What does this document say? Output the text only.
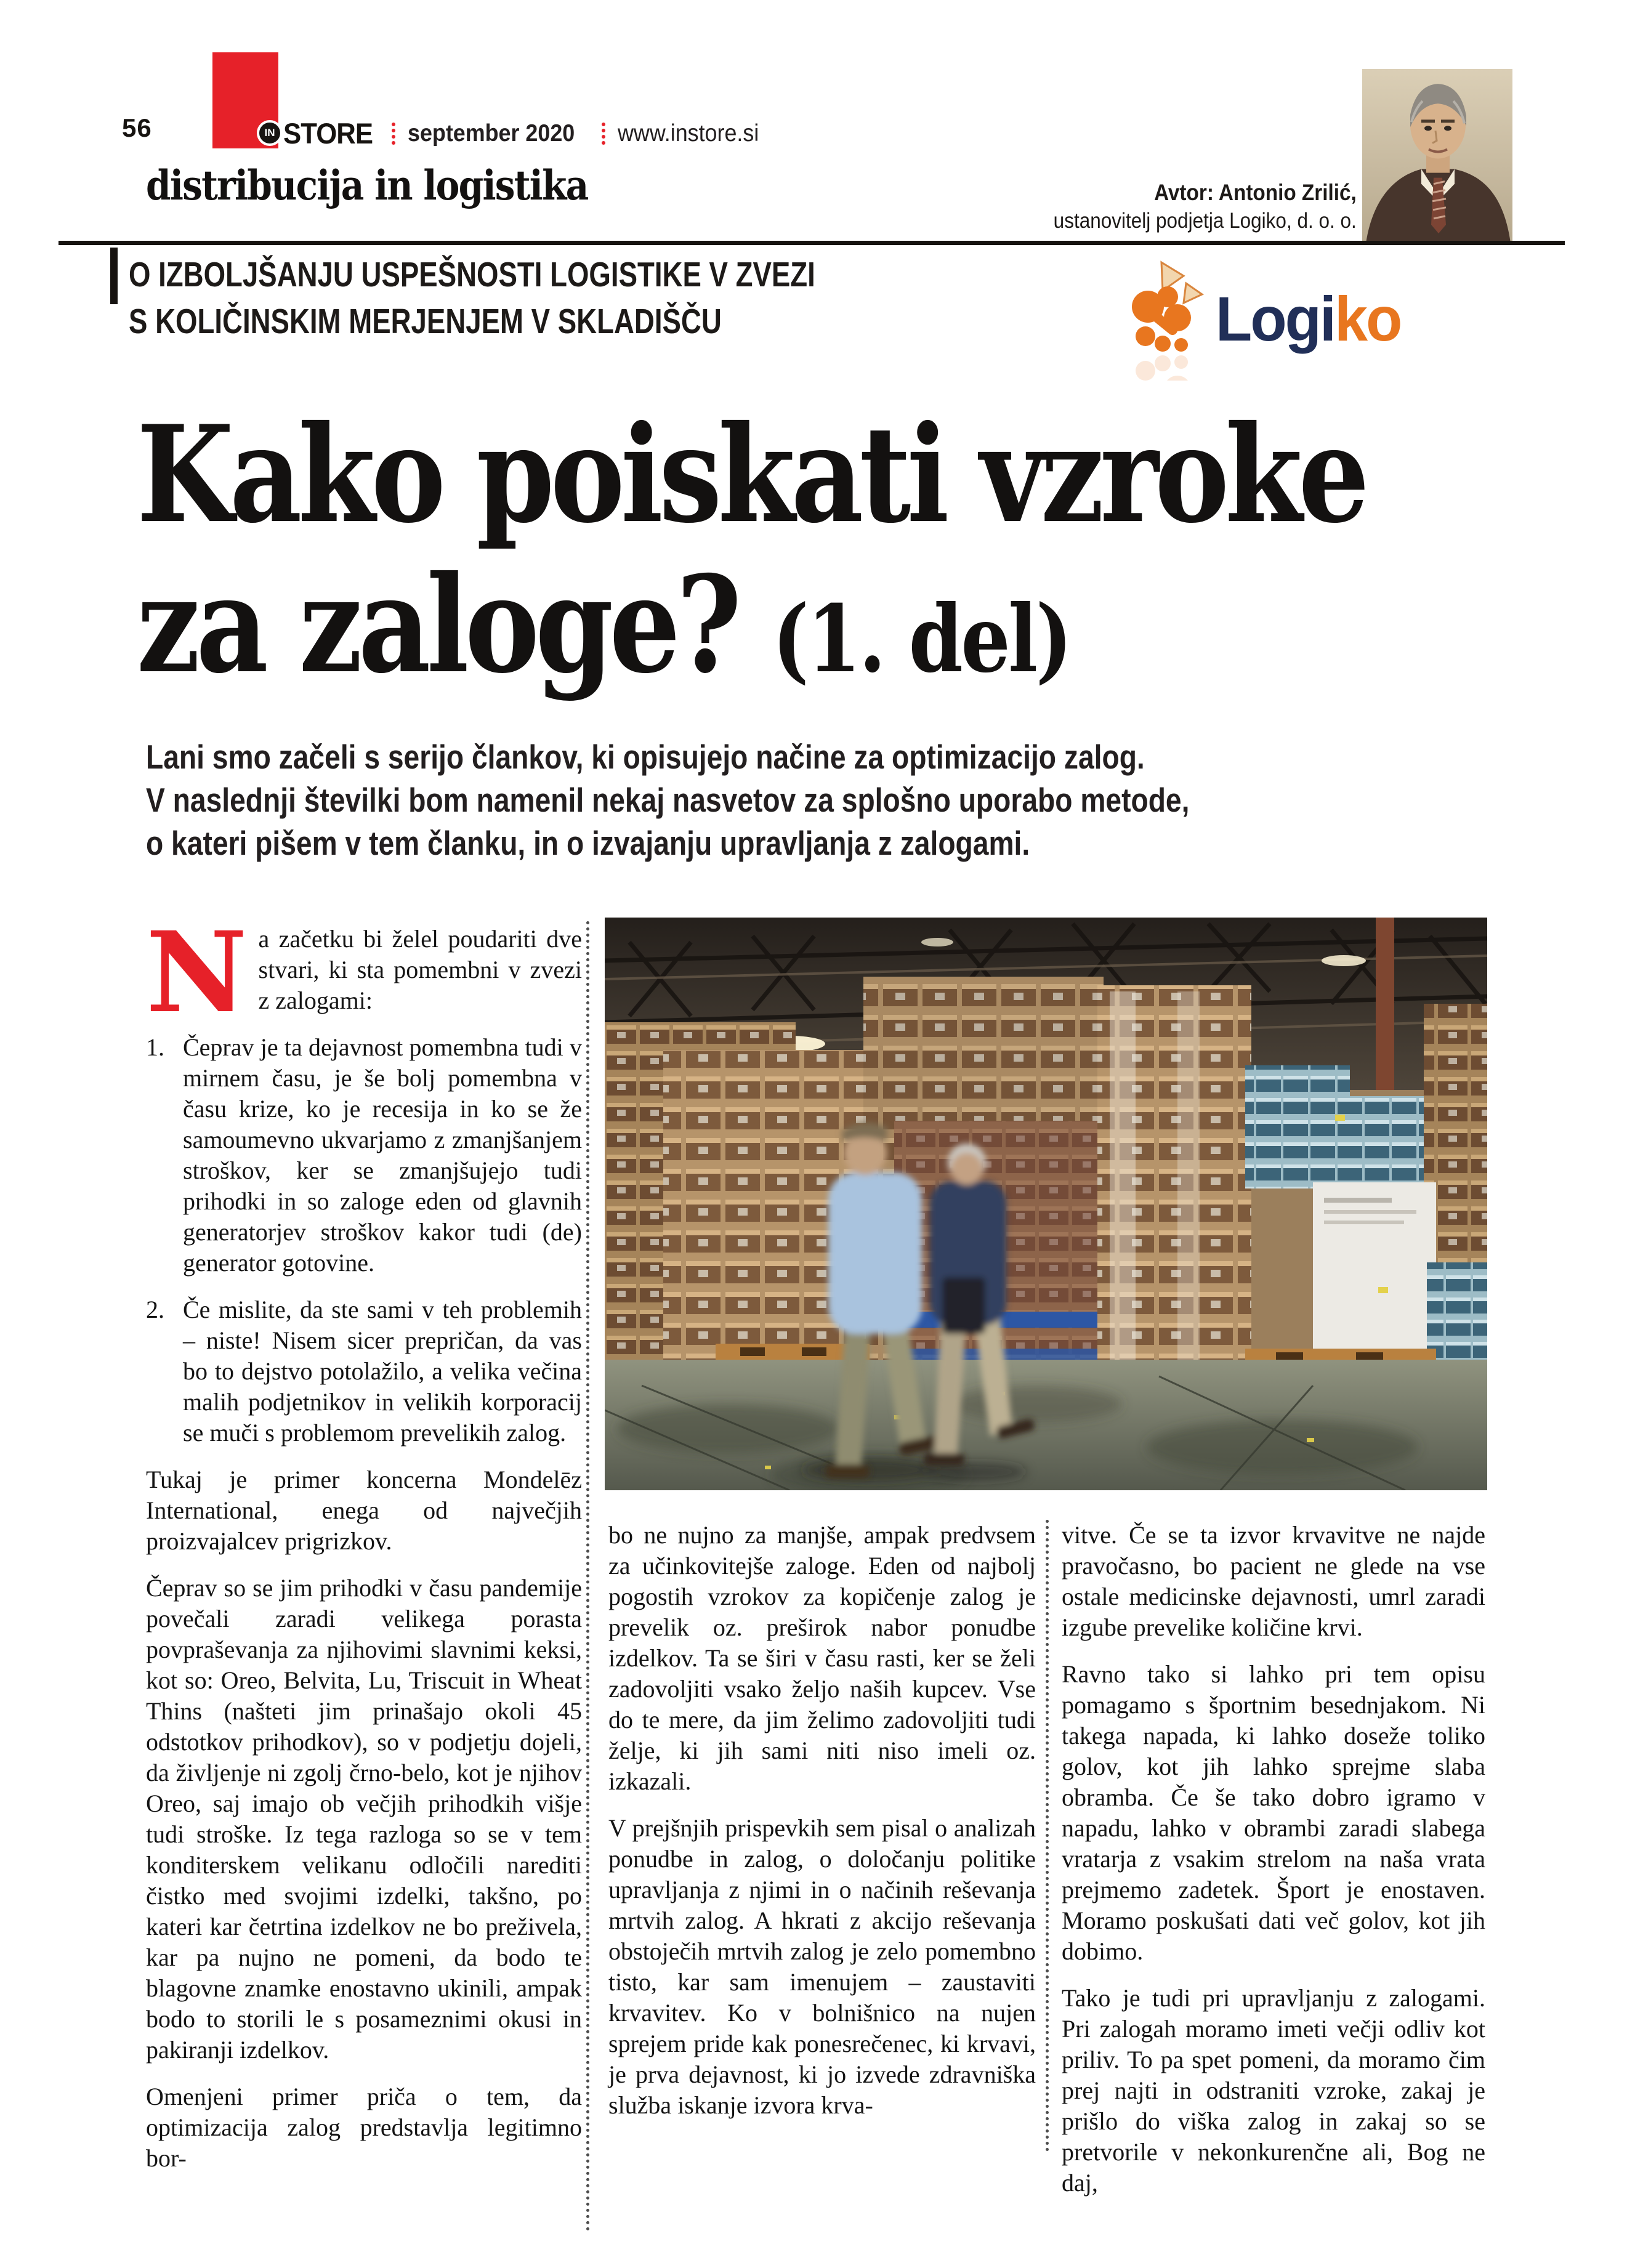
56	IN STORE september 2020 www.instore.si
distribucija in logistika	Avtor: Antonio Zrilić,
ustanovitelj podjetja Logiko, d. o. o.
O IZBOLJŠANJU USPEŠNOSTI LOGISTIKE V ZVEZI
S KOLIČINSKIM MERJENJEM V SKLADIŠČU	Logiko
Kako poiskati vzroke
za zaloge? (1. del)
Lani smo začeli s serijo člankov, ki opisujejo načine za optimizacijo zalog.
V naslednji številki bom namenil nekaj nasvetov za splošno uporabo metode,
o kateri pišem v tem članku, in o izvajanju upravljanja z zalogami.

Na začetku bi želel poudariti dve stvari, ki sta pomembni v zvezi z zalogami:

1. Čeprav je ta dejavnost pomembna tudi v mirnem času, je še bolj pomembna v času krize, ko je recesija in ko se že samoumevno ukvarjamo z zmanjšanjem stroškov, ker se zmanjšujejo tudi prihodki in so zaloge eden od glavnih generatorjev stroškov kakor tudi (de) generator gotovine.
2. Če mislite, da ste sami v teh problemih – niste! Nisem sicer prepričan, da vas bo to dejstvo potolažilo, a velika večina malih podjetnikov in velikih korporacij se muči s problemom prevelikih zalog.

Tukaj je primer koncerna Mondelēz International, enega od največjih proizvajalcev prigrizkov.

Čeprav so se jim prihodki v času pandemije povečali zaradi velikega porasta povpraševanja za njihovimi slavnimi keksi, kot so: Oreo, Belvita, Lu, Triscuit in Wheat Thins (našteti jim prinašajo okoli 45 odstotkov prihodkov), so v podjetju dojeli, da življenje ni zgolj črno-belo, kot je njihov Oreo, saj imajo ob večjih prihodkih višje tudi stroške. Iz tega razloga so se v tem konditerskem velikanu odločili narediti čistko med svojimi izdelki, takšno, po kateri kar četrtina izdelkov ne bo preživela, kar pa nujno ne pomeni, da bodo te blagovne znamke enostavno ukinili, ampak bodo to storili le s posameznimi okusi in pakiranji izdelkov.

Omenjeni primer priča o tem, da optimizacija zalog predstavlja legitimno bor-

bo ne nujno za manjše, ampak predvsem za učinkovitejše zaloge. Eden od najbolj pogostih vzrokov za kopičenje zalog je prevelik oz. preširok nabor ponudbe izdelkov. Ta se širi v času rasti, ker se želi zadovoljiti vsako željo naših kupcev. Vse do te mere, da jim želimo zadovoljiti tudi želje, ki jih sami niti niso imeli oz. izkazali.

V prejšnjih prispevkih sem pisal o analizah ponudbe in zalog, o določanju politike upravljanja z njimi in o načinih reševanja mrtvih zalog. A hkrati z akcijo reševanja obstoječih mrtvih zalog je zelo pomembno tisto, kar sam imenujem – zaustaviti krvavitev. Ko v bolnišnico na nujen sprejem pride kak ponesrečenec, ki krvavi, je prva dejavnost, ki jo izvede zdravniška služba iskanje izvora krva-

vitve. Če se ta izvor krvavitve ne najde pravočasno, bo pacient ne glede na vse ostale medicinske dejavnosti, umrl zaradi izgube prevelike količine krvi.

Ravno tako si lahko pri tem opisu pomagamo s športnim besednjakom. Ni takega napada, ki lahko doseže toliko golov, kot jih lahko sprejme slaba obramba. Če še tako dobro igramo v napadu, lahko v obrambi zaradi slabega vratarja z vsakim strelom na naša vrata prejmemo zadetek. Šport je enostaven. Moramo poskušati dati več golov, kot jih dobimo.

Tako je tudi pri upravljanju z zalogami. Pri zalogah moramo imeti večji odliv kot priliv. To pa spet pomeni, da moramo čim prej najti in odstraniti vzroke, zakaj je prišlo do viška zalog in zakaj so se pretvorile v nekonkurenčne ali, Bog ne daj,
